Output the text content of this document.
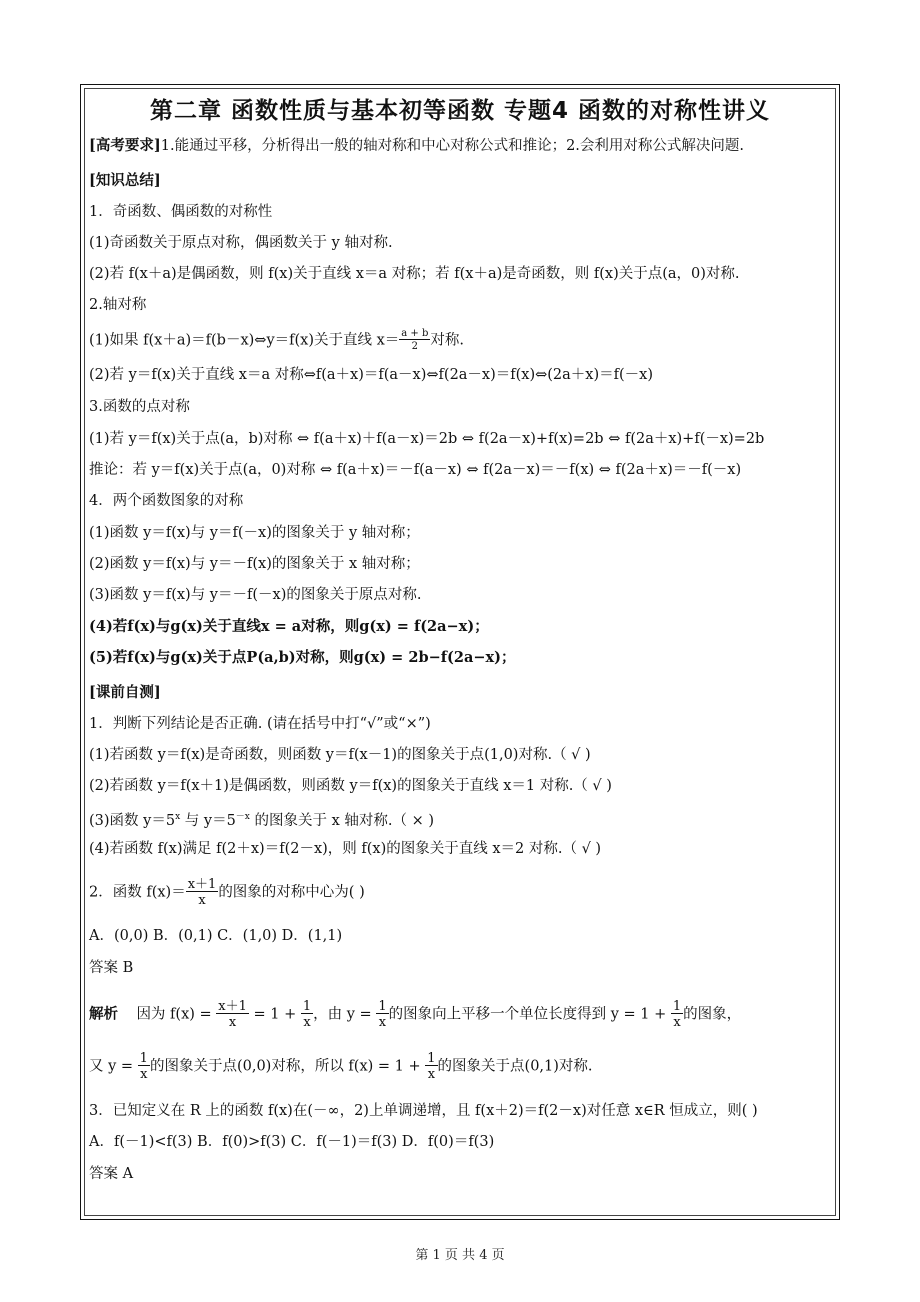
第二章 函数性质与基本初等函数 专题4 函数的对称性讲义
[高考要求]1.能通过平移，分析得出一般的轴对称和中心对称公式和推论；2.会利用对称公式解决问题.
[知识总结]
1．奇函数、偶函数的对称性
(1)奇函数关于原点对称，偶函数关于 y 轴对称.
(2)若 f(x＋a)是偶函数，则 f(x)关于直线 x＝a 对称；若 f(x＋a)是奇函数，则 f(x)关于点(a，0)对称.
2.轴对称
(1)如果 f(x＋a)＝f(b－x)⇔y＝f(x)关于直线 $x= \frac{a + b}{2}$ 对称.
(2)若 y＝f(x)关于直线 x＝a 对称⇔f(a＋x)＝f(a－x)⇔f(2a－x)＝f(x)⇔(2a＋x)＝f(－x)
3.函数的点对称
(1)若 y＝f(x)关于点(a，b)对称 ⇔ f(a＋x)＋f(a－x)＝2b ⇔ f(2a－x)+f(x)=2b ⇔ f(2a＋x)+f(－x)=2b
推论：若 y＝f(x)关于点(a，0)对称 ⇔ f(a＋x)＝－f(a－x) ⇔ f(2a－x)＝－f(x) ⇔ f(2a＋x)＝－f(－x)
4．两个函数图象的对称
(1)函数 y＝f(x)与 y＝f(－x)的图象关于 y 轴对称；
(2)函数 y＝f(x)与 y＝－f(x)的图象关于 x 轴对称；
(3)函数 y＝f(x)与 y＝－f(－x)的图象关于原点对称.
(4)若f(x)与g(x)关于直线x = a对称，则g(x) = f(2a−x)；
(5)若f(x)与g(x)关于点P(a,b)对称，则g(x) = 2b−f(2a−x)；
[课前自测]
1．判断下列结论是否正确. (请在括号中打“√”或“×”)
(1)若函数 y＝f(x)是奇函数，则函数 y＝f(x－1)的图象关于点(1,0)对称.（ √ )
(2)若函数 y＝f(x＋1)是偶函数，则函数 y＝f(x)的图象关于直线 x＝1 对称.（ √ )
(3)函数 $y=5^x$ 与 $y=5^{-x}$ 的图象关于 x 轴对称.（ × )
(4)若函数 f(x)满足 f(2＋x)＝f(2－x)，则 f(x)的图象关于直线 x＝2 对称.（ √ )
2．函数 $f(x)= \frac{x+1}{x}$ 的图象的对称中心为( )
A．(0,0) B．(0,1) C．(1,0) D．(1,1)
答案 B
解析 因为 $f(x) = \frac{x+1}{x} = 1 + \frac{1}{x}$ ，由 $y = \frac{1}{x}$ 的图象向上平移一个单位长度得到 $y = 1 + \frac{1}{x}$ 的图象，
又 $y = \frac{1}{x}$ 的图象关于点(0,0)对称，所以 $f(x) = 1 + \frac{1}{x}$ 的图象关于点(0,1)对称.
3．已知定义在 R 上的函数 f(x)在(－∞，2)上单调递增，且 f(x＋2)＝f(2－x)对任意 x∈R 恒成立，则( )
A．f(－1)<f(3) B．f(0)>f(3) C．f(－1)＝f(3) D．f(0)＝f(3)
答案 A
第 1 页 共 4 页
